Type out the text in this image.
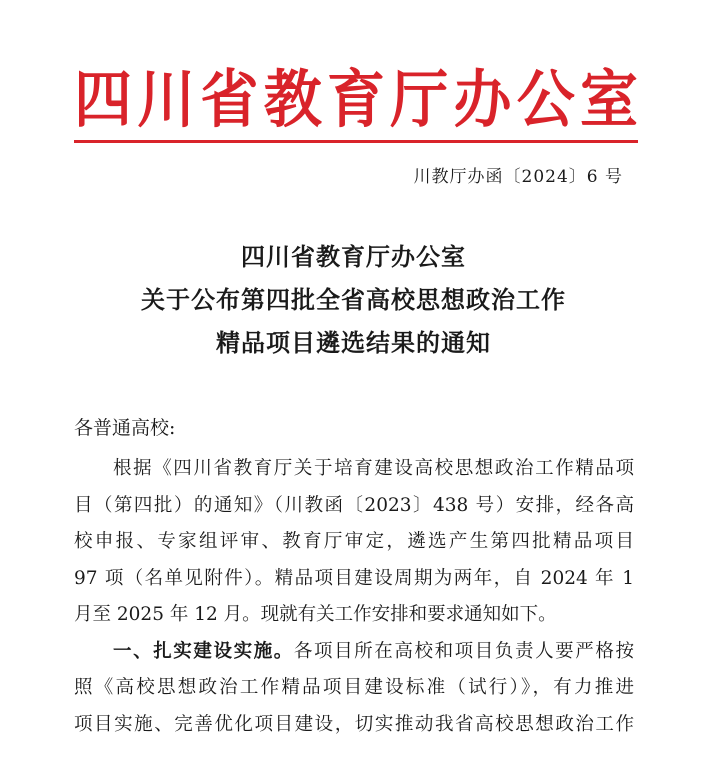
四川省教育厅办公室
川教厅办函〔2024〕6 号
四川省教育厅办公室
关于公布第四批全省高校思想政治工作
精品项目遴选结果的通知
各普通高校:
根据《四川省教育厅关于培育建设高校思想政治工作精品项
目（第四批）的通知》（川教函〔2023〕438 号）安排，经各高
校申报、专家组评审、教育厅审定，遴选产生第四批精品项目
97 项（名单见附件）。精品项目建设周期为两年，自 2024 年 1
月至 2025 年 12 月。现就有关工作安排和要求通知如下。
一、扎实建设实施。各项目所在高校和项目负责人要严格按
照《高校思想政治工作精品项目建设标准（试行）》，有力推进
项目实施、完善优化项目建设，切实推动我省高校思想政治工作
